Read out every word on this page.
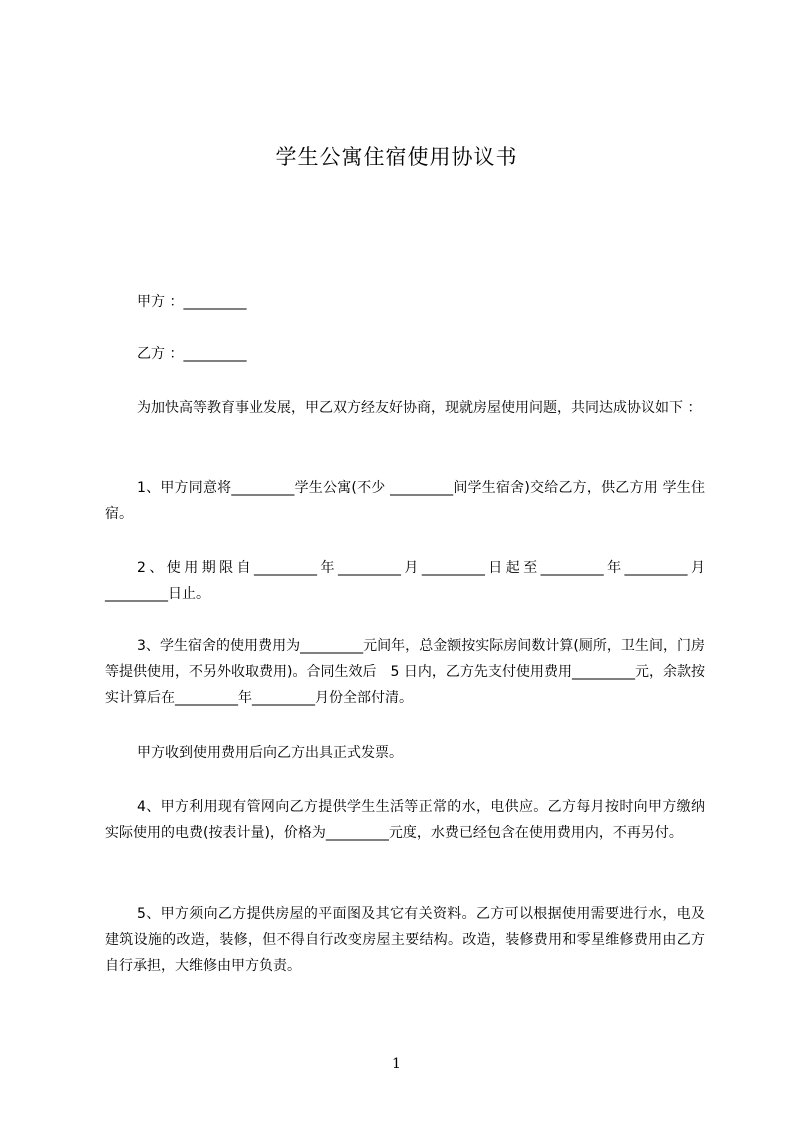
学生公寓住宿使用协议书

甲方 ：_________

乙方 ：_________

为加快高等教育事业发展，甲乙双方经友好协商，现就房屋使用问题，共同达成协议如下 ：

1、甲方同意将_________学生公寓(不少 _________间学生宿舍)交给乙方，供乙方用 学生住宿。

2、使用期限自_________年_________月_________日起至_________年_________月_________日止。

3、学生宿舍的使用费用为_________元间年，总金额按实际房间数计算(厕所，卫生间，门房等提供使用，不另外收取费用)。合同生效后　5 日内，乙方先支付使用费用_________元，余款按实计算后在_________年_________月份全部付清。

甲方收到使用费用后向乙方出具正式发票。

4、甲方利用现有管网向乙方提供学生生活等正常的水，电供应。乙方每月按时向甲方缴纳实际使用的电费(按表计量)，价格为_________元度，水费已经包含在使用费用内，不再另付。

5、甲方须向乙方提供房屋的平面图及其它有关资料。乙方可以根据使用需要进行水，电及建筑设施的改造，装修，但不得自行改变房屋主要结构。改造，装修费用和零星维修费用由乙方自行承担，大维修由甲方负责。

1
